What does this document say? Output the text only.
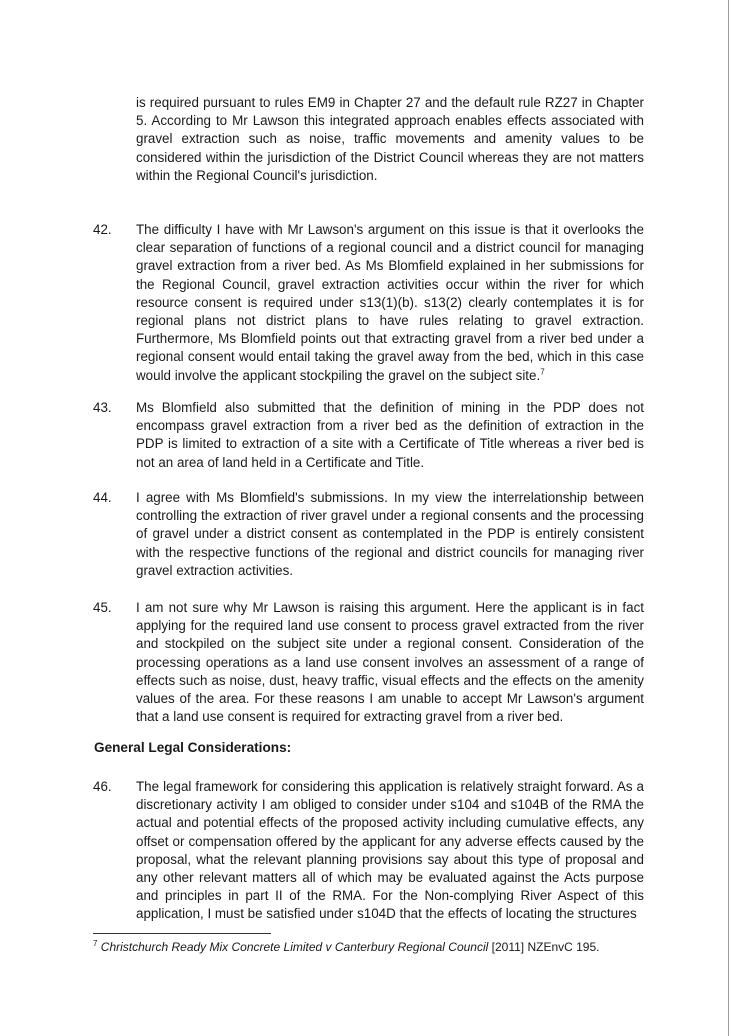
is required pursuant to rules EM9 in Chapter 27 and the default rule RZ27 in Chapter 5. According to Mr Lawson this integrated approach enables effects associated with gravel extraction such as noise, traffic movements and amenity values to be considered within the jurisdiction of the District Council whereas they are not matters within the Regional Council's jurisdiction.

42. The difficulty I have with Mr Lawson's argument on this issue is that it overlooks the clear separation of functions of a regional council and a district council for managing gravel extraction from a river bed. As Ms Blomfield explained in her submissions for the Regional Council, gravel extraction activities occur within the river for which resource consent is required under s13(1)(b). s13(2) clearly contemplates it is for regional plans not district plans to have rules relating to gravel extraction. Furthermore, Ms Blomfield points out that extracting gravel from a river bed under a regional consent would entail taking the gravel away from the bed, which in this case would involve the applicant stockpiling the gravel on the subject site.$^7$

43. Ms Blomfield also submitted that the definition of mining in the PDP does not encompass gravel extraction from a river bed as the definition of extraction in the PDP is limited to extraction of a site with a Certificate of Title whereas a river bed is not an area of land held in a Certificate and Title.

44. I agree with Ms Blomfield's submissions. In my view the interrelationship between controlling the extraction of river gravel under a regional consents and the processing of gravel under a district consent as contemplated in the PDP is entirely consistent with the respective functions of the regional and district councils for managing river gravel extraction activities.

45. I am not sure why Mr Lawson is raising this argument. Here the applicant is in fact applying for the required land use consent to process gravel extracted from the river and stockpiled on the subject site under a regional consent. Consideration of the processing operations as a land use consent involves an assessment of a range of effects such as noise, dust, heavy traffic, visual effects and the effects on the amenity values of the area. For these reasons I am unable to accept Mr Lawson's argument that a land use consent is required for extracting gravel from a river bed.

General Legal Considerations:
46. The legal framework for considering this application is relatively straight forward. As a discretionary activity I am obliged to consider under s104 and s104B of the RMA the actual and potential effects of the proposed activity including cumulative effects, any offset or compensation offered by the applicant for any adverse effects caused by the proposal, what the relevant planning provisions say about this type of proposal and any other relevant matters all of which may be evaluated against the Acts purpose and principles in part II of the RMA. For the Non-complying River Aspect of this application, I must be satisfied under s104D that the effects of locating the structures

$^7$ Christchurch Ready Mix Concrete Limited v Canterbury Regional Council [2011] NZEnvC 195.
